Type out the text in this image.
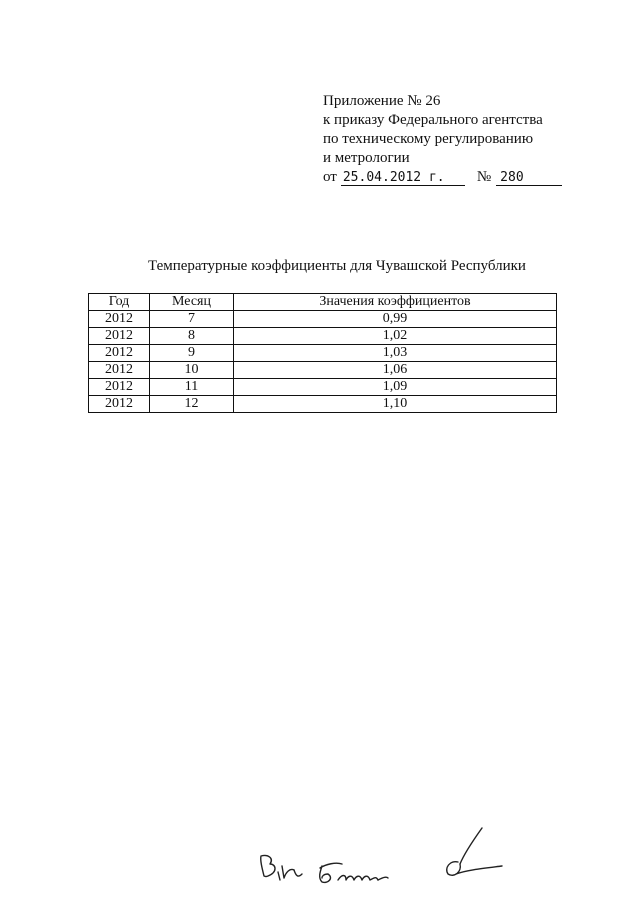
Приложение № 26
к приказу Федерального агентства
по техническому регулированию
и метрологии
от 25.04.2012 г.	№ 280
Температурные коэффициенты для Чувашской Республики
Год	Месяц	Значения коэффициентов
2012	7	0,99
2012	8	1,02
2012	9	1,03
2012	10	1,06
2012	11	1,09
2012	12	1,10
